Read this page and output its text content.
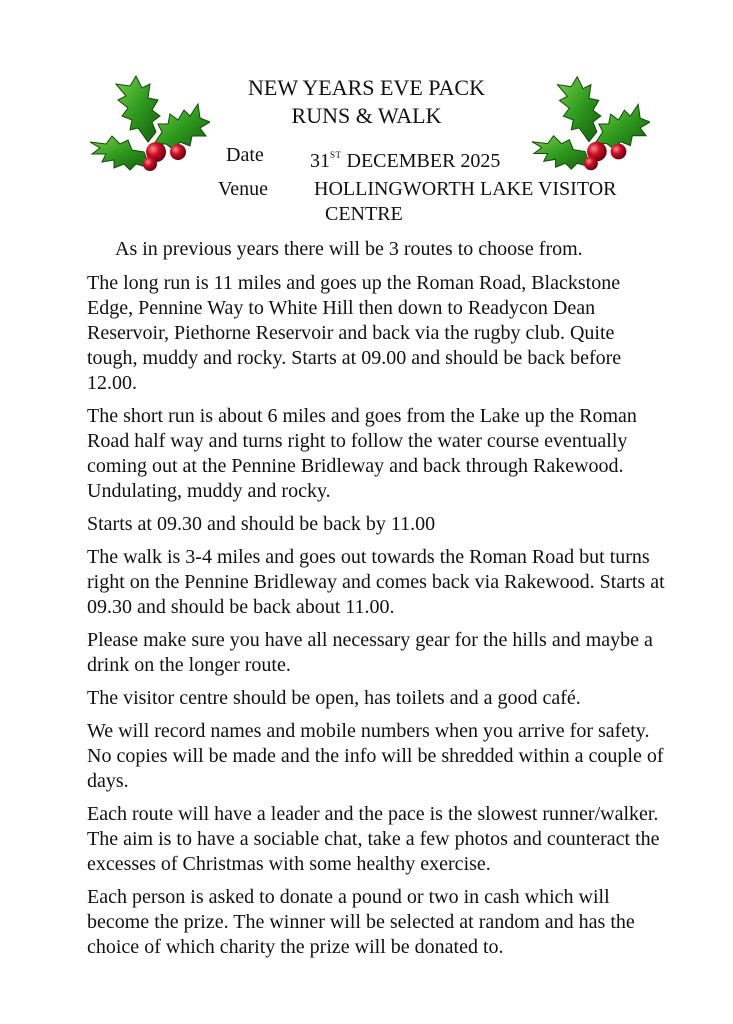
NEW YEARS EVE PACK
RUNS & WALK
Date 31ST DECEMBER 2025
Venue HOLLINGWORTH LAKE VISITOR
CENTRE

As in previous years there will be 3 routes to choose from.

The long run is 11 miles and goes up the Roman Road, Blackstone Edge, Pennine Way to White Hill then down to Readycon Dean Reservoir, Piethorne Reservoir and back via the rugby club. Quite tough, muddy and rocky. Starts at 09.00 and should be back before 12.00.

The short run is about 6 miles and goes from the Lake up the Roman Road half way and turns right to follow the water course eventually coming out at the Pennine Bridleway and back through Rakewood. Undulating, muddy and rocky.

Starts at 09.30 and should be back by 11.00

The walk is 3-4 miles and goes out towards the Roman Road but turns right on the Pennine Bridleway and comes back via Rakewood. Starts at 09.30 and should be back about 11.00.

Please make sure you have all necessary gear for the hills and maybe a drink on the longer route.

The visitor centre should be open, has toilets and a good café.

We will record names and mobile numbers when you arrive for safety. No copies will be made and the info will be shredded within a couple of days.

Each route will have a leader and the pace is the slowest runner/walker. The aim is to have a sociable chat, take a few photos and counteract the excesses of Christmas with some healthy exercise.

Each person is asked to donate a pound or two in cash which will become the prize. The winner will be selected at random and has the choice of which charity the prize will be donated to.
